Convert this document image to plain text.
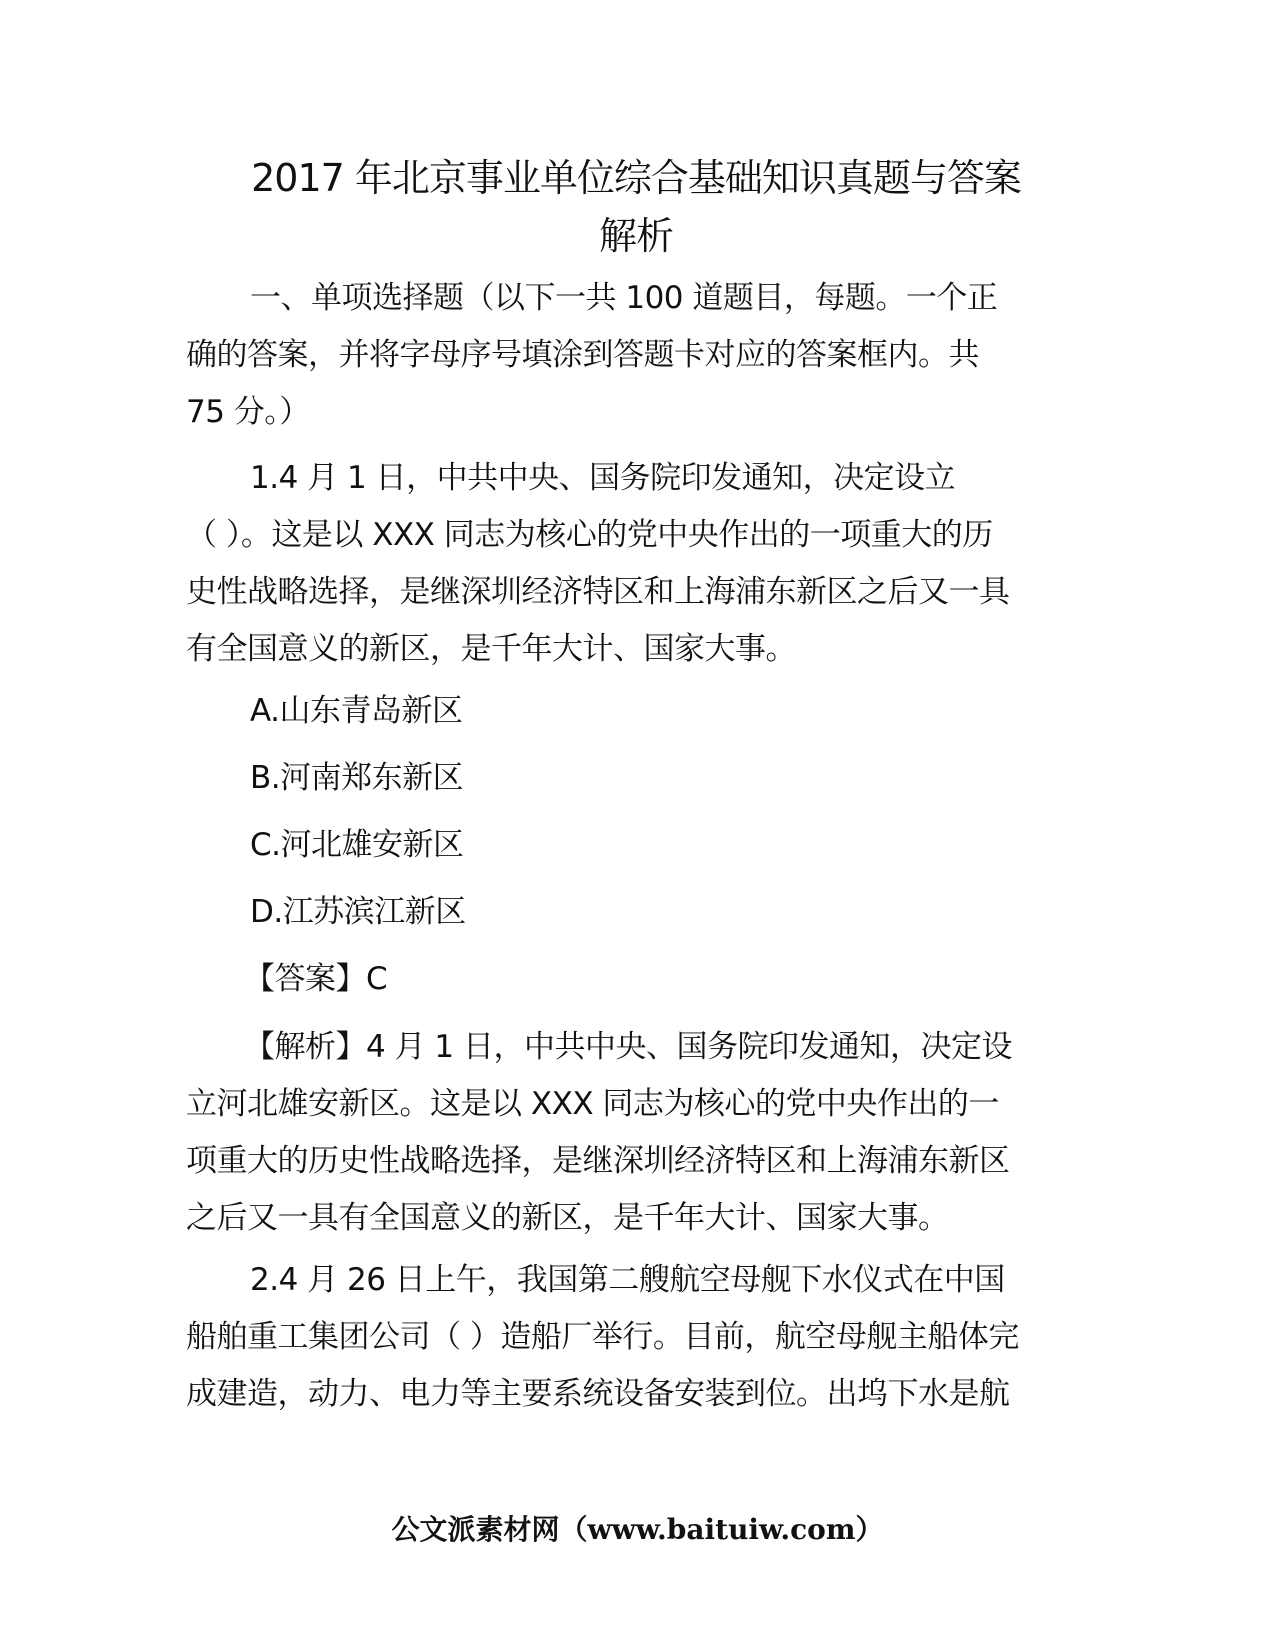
2017 年北京事业单位综合基础知识真题与答案
解析
一、单项选择题（以下一共 100 道题目，每题。一个正
确的答案，并将字母序号填涂到答题卡对应的答案框内。共
75 分。）
1.4 月 1 日，中共中央、国务院印发通知，决定设立
（ ）。这是以 XXX 同志为核心的党中央作出的一项重大的历
史性战略选择，是继深圳经济特区和上海浦东新区之后又一具
有全国意义的新区，是千年大计、国家大事。
A.山东青岛新区
B.河南郑东新区
C.河北雄安新区
D.江苏滨江新区
【答案】C
【解析】4 月 1 日，中共中央、国务院印发通知，决定设
立河北雄安新区。这是以 XXX 同志为核心的党中央作出的一
项重大的历史性战略选择，是继深圳经济特区和上海浦东新区
之后又一具有全国意义的新区，是千年大计、国家大事。
2.4 月 26 日上午，我国第二艘航空母舰下水仪式在中国
船舶重工集团公司（ ）造船厂举行。目前，航空母舰主船体完
成建造，动力、电力等主要系统设备安装到位。出坞下水是航
公文派素材网（www.baituiw.com）
